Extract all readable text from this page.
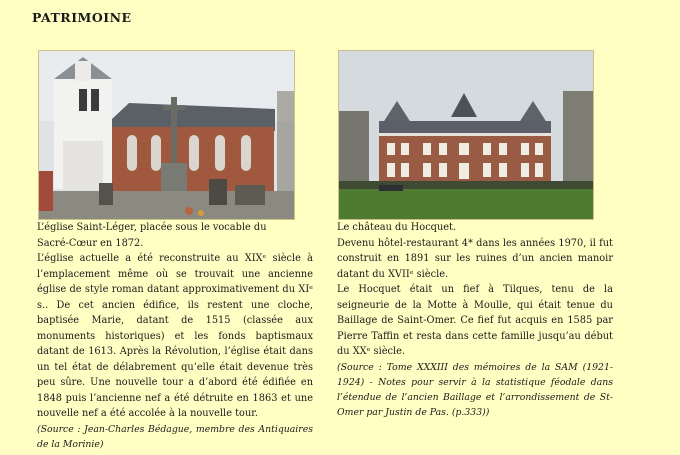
PATRIMOINE

L’église Saint-Léger, placée sous le vocable du

Sacré-Cœur en 1872.

L’église actuelle a été reconstruite au XIXᵉ siècle à l’emplacement même où se trouvait une ancienne église de style roman datant approximativement du XIᵉ s.. De cet ancien édifice, ils restent une cloche, baptisée Marie, datant de 1515 (classée aux monuments historiques) et les fonds baptismaux datant de 1613. Après la Révolution, l’église était dans un tel état de délabrement qu’elle était devenue très peu sûre. Une nouvelle tour a d’abord été édifiée en 1848 puis l’ancienne nef a été détruite en 1863 et une nouvelle nef a été accolée à la nouvelle tour.

(Source : Jean-Charles Bédague, membre des Antiquaires de la Morinie)

Le château du Hocquet.

Devenu hôtel-restaurant 4* dans les années 1970, il fut construit en 1891 sur les ruines d’un ancien manoir datant du XVIIᵉ siècle.

Le Hocquet était un fief à Tilques, tenu de la seigneurie de la Motte à Moulle, qui était tenue du Baillage de Saint-Omer. Ce fief fut acquis en 1585 par Pierre Taffin et resta dans cette famille jusqu’au début du XXᵉ siècle.

(Source : Tome XXXIII des mémoires de la SAM (1921-1924) - Notes pour servir à la statistique féodale dans l’étendue de l’ancien Baillage et l’arrondissement de St-Omer par Justin de Pas. (p.333))
